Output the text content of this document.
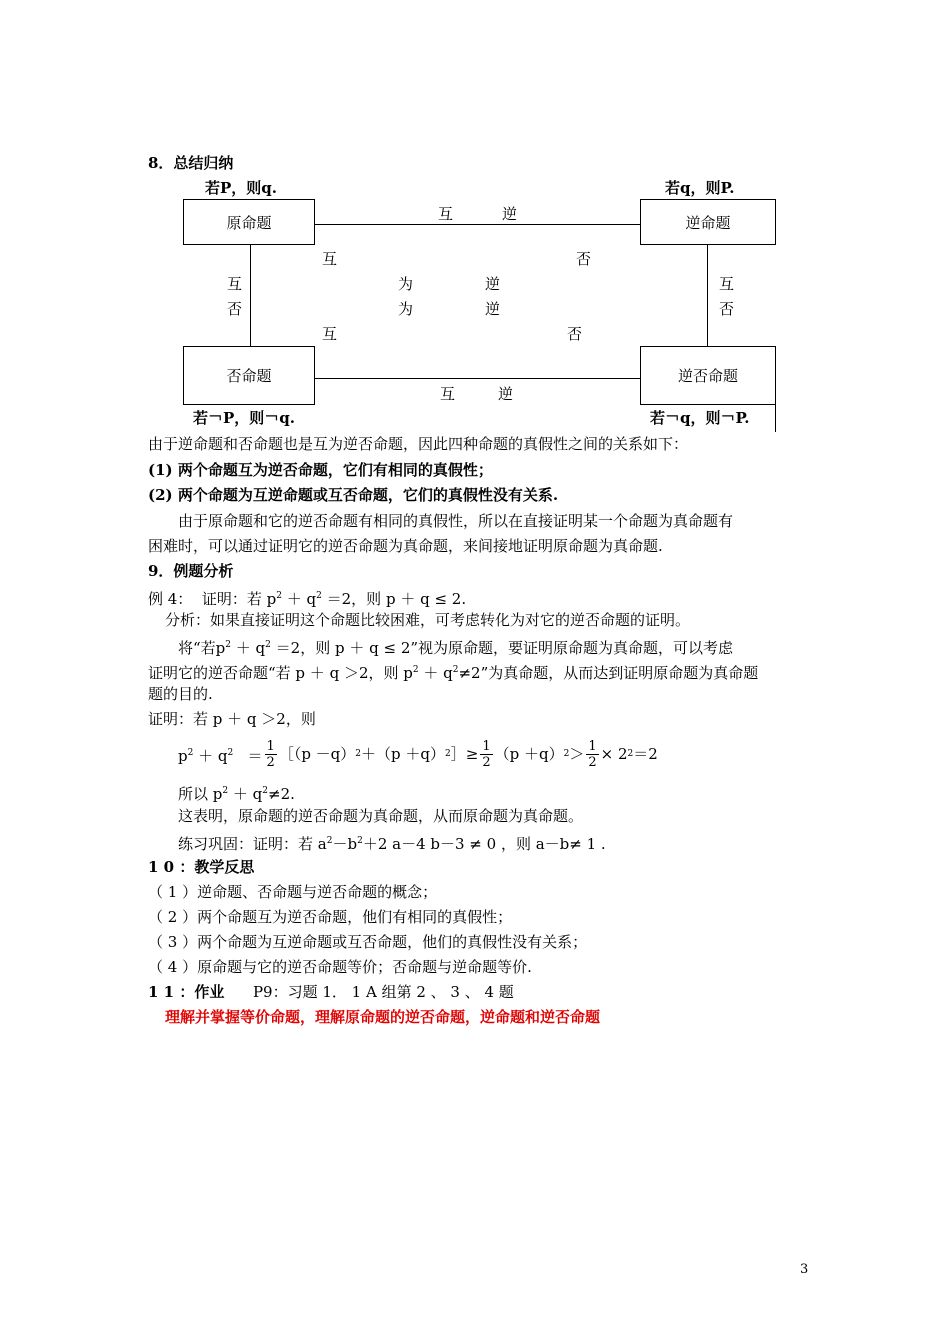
8．总结归纳
若P，则q.	若q，则P.
原命题	逆命题
否命题	逆否命题
互	逆
互	逆
互
否
互
否
互	否
为	逆
为	逆
互	否
若￢P，则￢q.	若￢q，则￢P.
由于逆命题和否命题也是互为逆否命题，因此四种命题的真假性之间的关系如下：
(1) 两个命题互为逆否命题，它们有相同的真假性；
(2) 两个命题为互逆命题或互否命题，它们的真假性没有关系.
由于原命题和它的逆否命题有相同的真假性，所以在直接证明某一个命题为真命题有
困难时，可以通过证明它的逆否命题为真命题，来间接地证明原命题为真命题.
9．例题分析
例 4： 证明：若 $p^2 + q^2 =2$，则 p ＋ q ≤ 2.
分析：如果直接证明这个命题比较困难，可考虑转化为对它的逆否命题的证明。
将“若$p^2 + q^2 =2$，则 p ＋ q ≤ 2”视为原命题，要证明原命题为真命题，可以考虑
证明它的逆否命题“若 p ＋ q ＞2，则 $p^2 + q^2\ne 2$”为真命题，从而达到证明原命题为真命题
题的目的.
证明：若 p ＋ q ＞2，则
$p^2 + q^2 = \frac{1}{2}$ ［（p －q） 2 ＋（p ＋q） 2 ］≥ $\frac{1}{2} (p +q) 2 > \frac{1}{2} \times 2$ 2 ＝2
所以 $p^2 + q^2\ne 2$.
这表明，原命题的逆否命题为真命题，从而原命题为真命题。
练习巩固：证明：若 $a^2-b^2+2$ a－4 b－3 ≠ 0 ，则 a－b≠ 1 .
1 0 ：教学反思
（ 1 ）逆命题、否命题与逆否命题的概念；
（ 2 ）两个命题互为逆否命题，他们有相同的真假性；
（ 3 ）两个命题为互逆命题或互否命题，他们的真假性没有关系；
（ 4 ）原命题与它的逆否命题等价；否命题与逆命题等价.
1 1 ：作业 P9：习题 1． 1 A 组第 2 、 3 、 4 题
理解并掌握等价命题，理解原命题的逆否命题，逆命题和逆否命题
3
